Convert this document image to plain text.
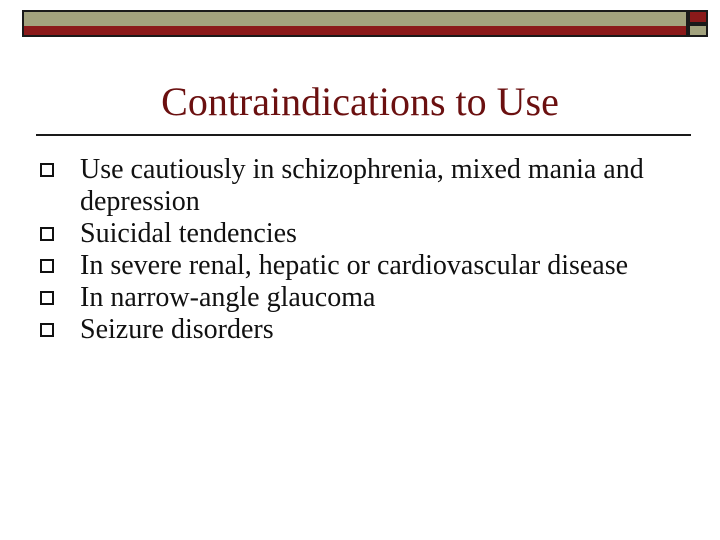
Contraindications to Use
Use cautiously in schizophrenia, mixed mania and depression
Suicidal tendencies
In severe renal, hepatic or cardiovascular disease
In narrow-angle glaucoma
Seizure disorders
